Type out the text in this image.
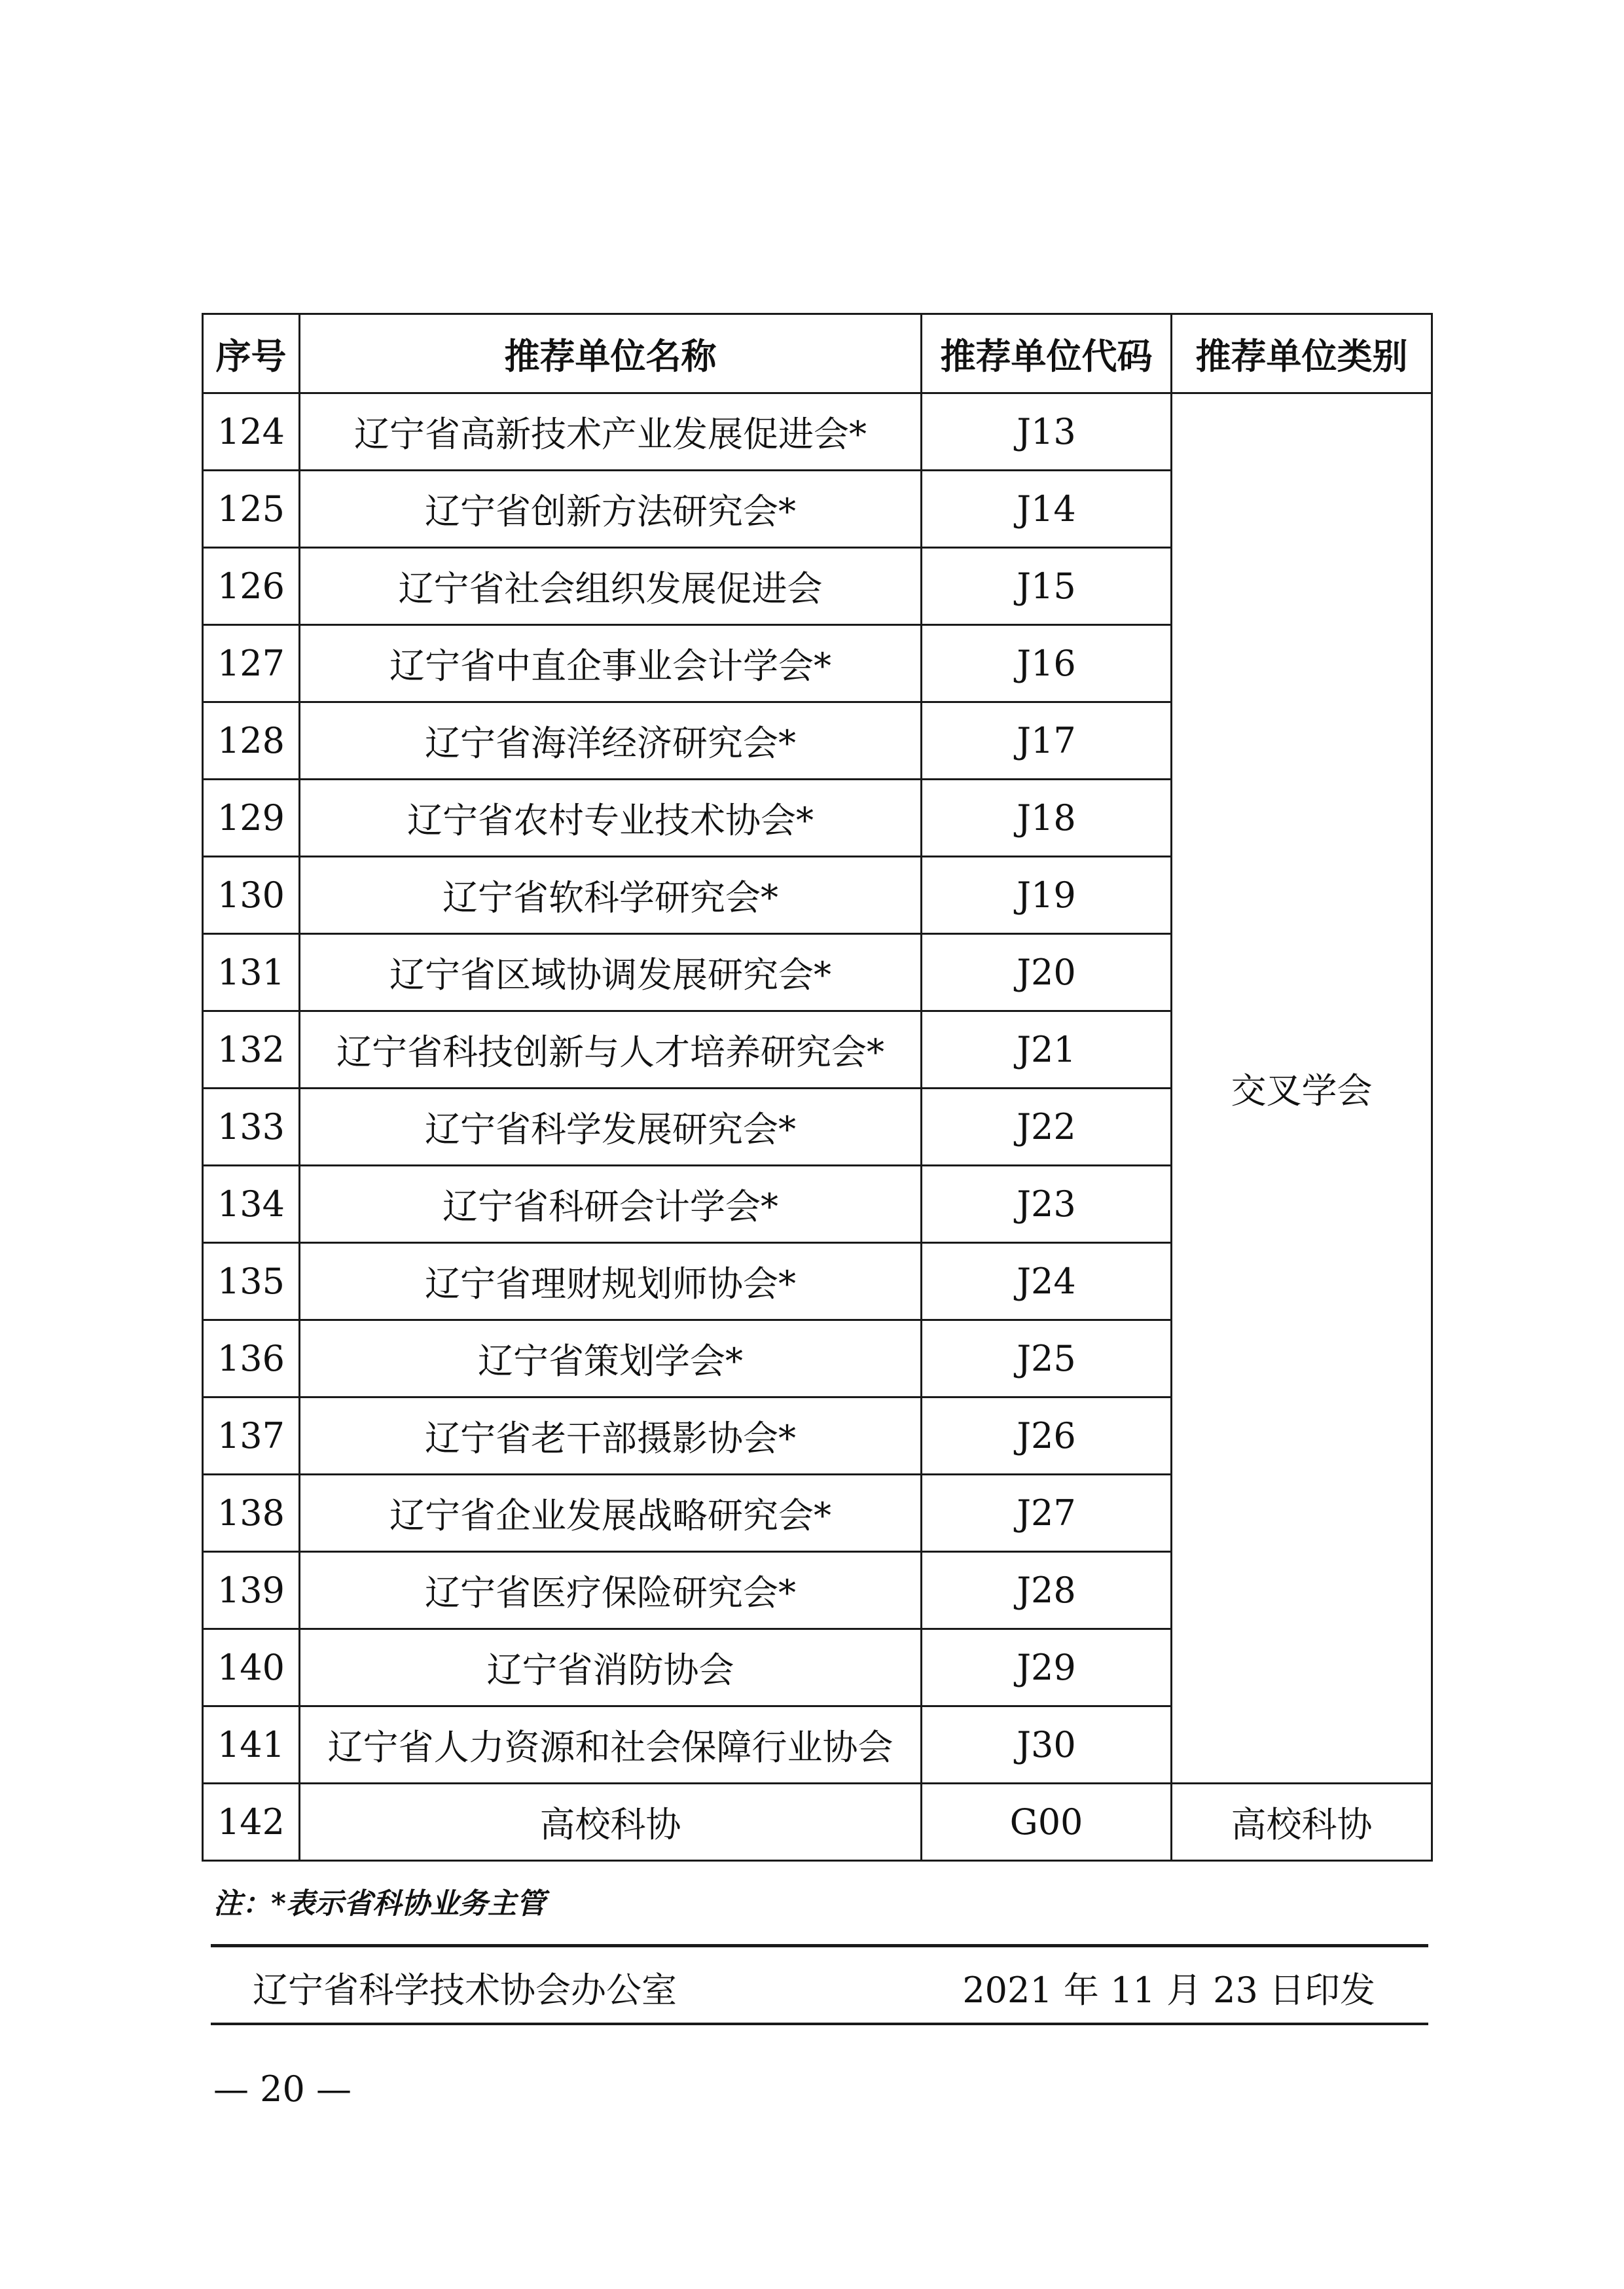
序号	推荐单位名称	推荐单位代码	推荐单位类别
124	辽宁省高新技术产业发展促进会*	J13	交叉学会
125	辽宁省创新方法研究会*	J14	
126	辽宁省社会组织发展促进会	J15	
127	辽宁省中直企事业会计学会*	J16	
128	辽宁省海洋经济研究会*	J17	
129	辽宁省农村专业技术协会*	J18	
130	辽宁省软科学研究会*	J19	
131	辽宁省区域协调发展研究会*	J20	
132	辽宁省科技创新与人才培养研究会*	J21	
133	辽宁省科学发展研究会*	J22	
134	辽宁省科研会计学会*	J23	
135	辽宁省理财规划师协会*	J24	
136	辽宁省策划学会*	J25	
137	辽宁省老干部摄影协会*	J26	
138	辽宁省企业发展战略研究会*	J27	
139	辽宁省医疗保险研究会*	J28	
140	辽宁省消防协会	J29	
141	辽宁省人力资源和社会保障行业协会	J30	
142	高校科协	G00	高校科协
注：*表示省科协业务主管
辽宁省科学技术协会办公室	2021 年 11 月 23 日印发
— 20 —
